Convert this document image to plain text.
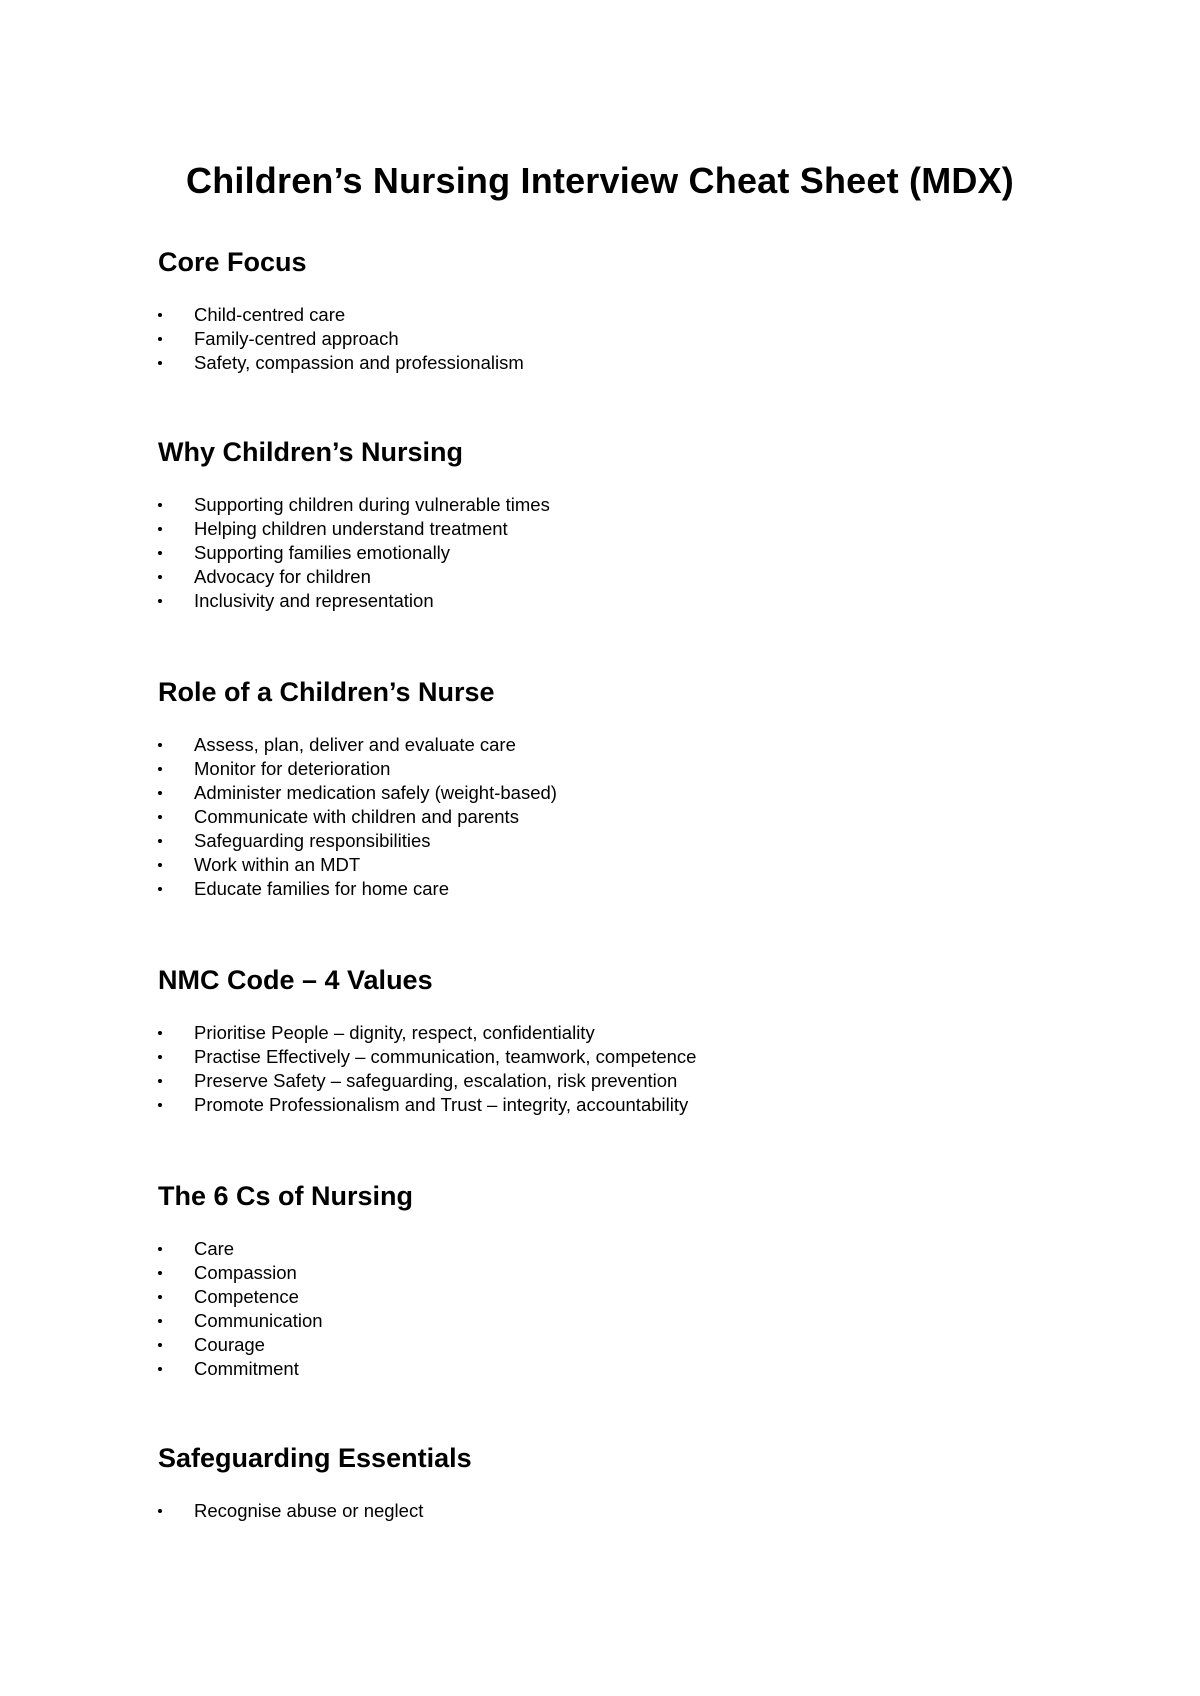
Children’s Nursing Interview Cheat Sheet (MDX)
Core Focus
Child-centred care
Family-centred approach
Safety, compassion and professionalism
Why Children’s Nursing
Supporting children during vulnerable times
Helping children understand treatment
Supporting families emotionally
Advocacy for children
Inclusivity and representation
Role of a Children’s Nurse
Assess, plan, deliver and evaluate care
Monitor for deterioration
Administer medication safely (weight-based)
Communicate with children and parents
Safeguarding responsibilities
Work within an MDT
Educate families for home care
NMC Code – 4 Values
Prioritise People – dignity, respect, confidentiality
Practise Effectively – communication, teamwork, competence
Preserve Safety – safeguarding, escalation, risk prevention
Promote Professionalism and Trust – integrity, accountability
The 6 Cs of Nursing
Care
Compassion
Competence
Communication
Courage
Commitment
Safeguarding Essentials
Recognise abuse or neglect
